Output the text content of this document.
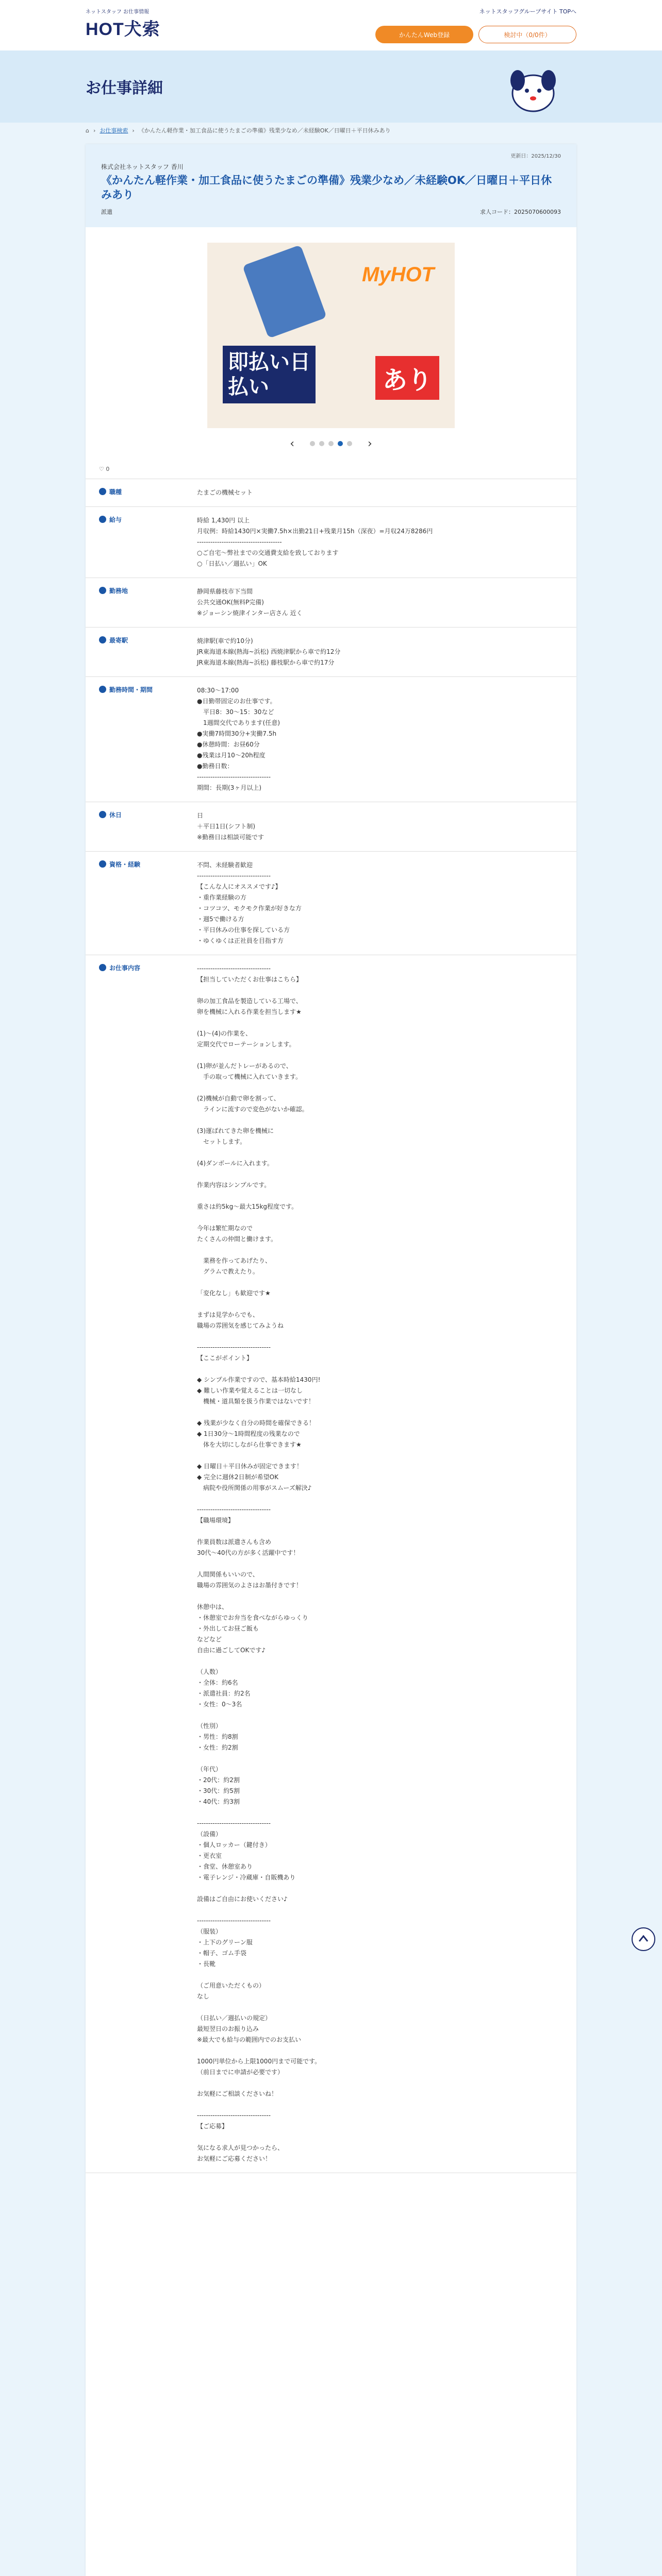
ネットスタッフ お仕事情報
HOT犬索
ネットスタッフグループサイト TOPへ
かんたんWeb登録	検討中（0/0件）
お仕事詳細
⌂ › お仕事検索 › 《かんたん軽作業・加工食品に使うたまごの準備》残業少なめ／未経験OK／日曜日＋平日休みあり
更新日：2025/12/30
株式会社ネットスタッフ 香川
《かんたん軽作業・加工食品に使うたまごの準備》残業少なめ／未経験OK／日曜日＋平日休みあり
派遣	求人コード：2025070600093
MyHOT
即払い日払い	あり
‹	›
♡ 0
職種	たまごの機械セット
給与	時給 1,430円 以上
月収例：時給1430円×実働7.5h×出勤21日+残業月15h（深夜）=月収24万8286円
--------------------------------------
○ご自宅～弊社までの交通費支給を致しております
○「日払い／週払い」OK
勤務地	静岡県藤枝市下当間
公共交通OK(無料P完備)
※ジョーシン焼津インター店さん 近く
最寄駅	焼津駅(車で約10分)
JR東海道本線(熱海~浜松) 西焼津駅から車で約12分
JR東海道本線(熱海~浜松) 藤枝駅から車で約17分
勤務時間・期間	08:30～17:00
●日勤帯固定のお仕事です。
　平日8：30～15：30など
　1週間交代であります(任意)
●実働7時間30分+実働7.5h
●休憩時間：お昼60分
●残業は月10～20h程度
●勤務日数：
---------------------------------
期間：長期(3ヶ月以上)
休日	日
＋平日1日(シフト制)
※勤務日は相談可能です
資格・経験	不問、未経験者歓迎
---------------------------------
【こんな人にオススメです♪】
・重作業経験の方
・コツコツ、モクモク作業が好きな方
・週5で働ける方
・平日休みの仕事を探している方
・ゆくゆくは正社員を目指す方
お仕事内容	---------------------------------
【担当していただくお仕事はこちら】

卵の加工食品を製造している工場で、
卵を機械に入れる作業を担当します★

(1)～(4)の作業を、
定期交代でローテーションします。

(1)卵が並んだトレーがあるので、
　手の取って機械に入れていきます。

(2)機械が自動で卵を割って、
　ラインに流すので変色がないか確認。

(3)運ばれてきた卵を機械に
　セットします。

(4)ダンボールに入れます。

作業内容はシンプルです。

重さは約5kg～最大15kg程度です。

今年は繁忙期なので
たくさんの仲間と働けます。

　業務を作ってあげたり、
　グラムで教えたり。

「変化なし」も歓迎です★

まずは見学からでも、
職場の雰囲気を感じてみようね

---------------------------------
【ここがポイント】

◆ シンプル作業ですので、基本時給1430円!
◆ 難しい作業や覚えることは一切なし
　機械・道具類を扱う作業ではないです！

◆ 残業が少なく自分の時間を確保できる！
◆ 1日30分～1時間程度の残業なので
　体を大切にしながら仕事できます★

◆ 日曜日＋平日休みが固定できます！
◆ 完全に週休2日制が希望OK
　病院や役所関係の用事がスムーズ解決♪

---------------------------------
【職場環境】

作業員数は派遣さんも含め
30代～40代の方が多く活躍中です！

人間関係もいいので、
職場の雰囲気のよさはお墨付きです！

休憩中は、
・休憩室でお弁当を食べながらゆっくり
・外出してお昼ご飯も
などなど
自由に過ごしてOKです♪

（人数）
・全体：約6名
・派遣社員：約2名
・女性：0～3名

（性別）
・男性：約8割
・女性：約2割

（年代）
・20代：約2割
・30代：約5割
・40代：約3割

---------------------------------
（設備）
・個人ロッカー（鍵付き）
・更衣室
・食堂、休憩室あり
・電子レンジ・冷蔵庫・自販機あり

設備はご自由にお使いください♪

---------------------------------
（服装）
・上下のグリーン服
・帽子、ゴム手袋
・長靴

（ご用意いただくもの）
なし

（日払い／週払いの規定）
最短翌日のお振り込み
※最大でも給与の範囲内でのお支払い

1000円単位から上限1000円まで可能です。
（前日までに申請が必要です）

お気軽にご相談くださいね！

---------------------------------
【ご応募】

気になる求人が見つかったら、
お気軽にご応募ください！
